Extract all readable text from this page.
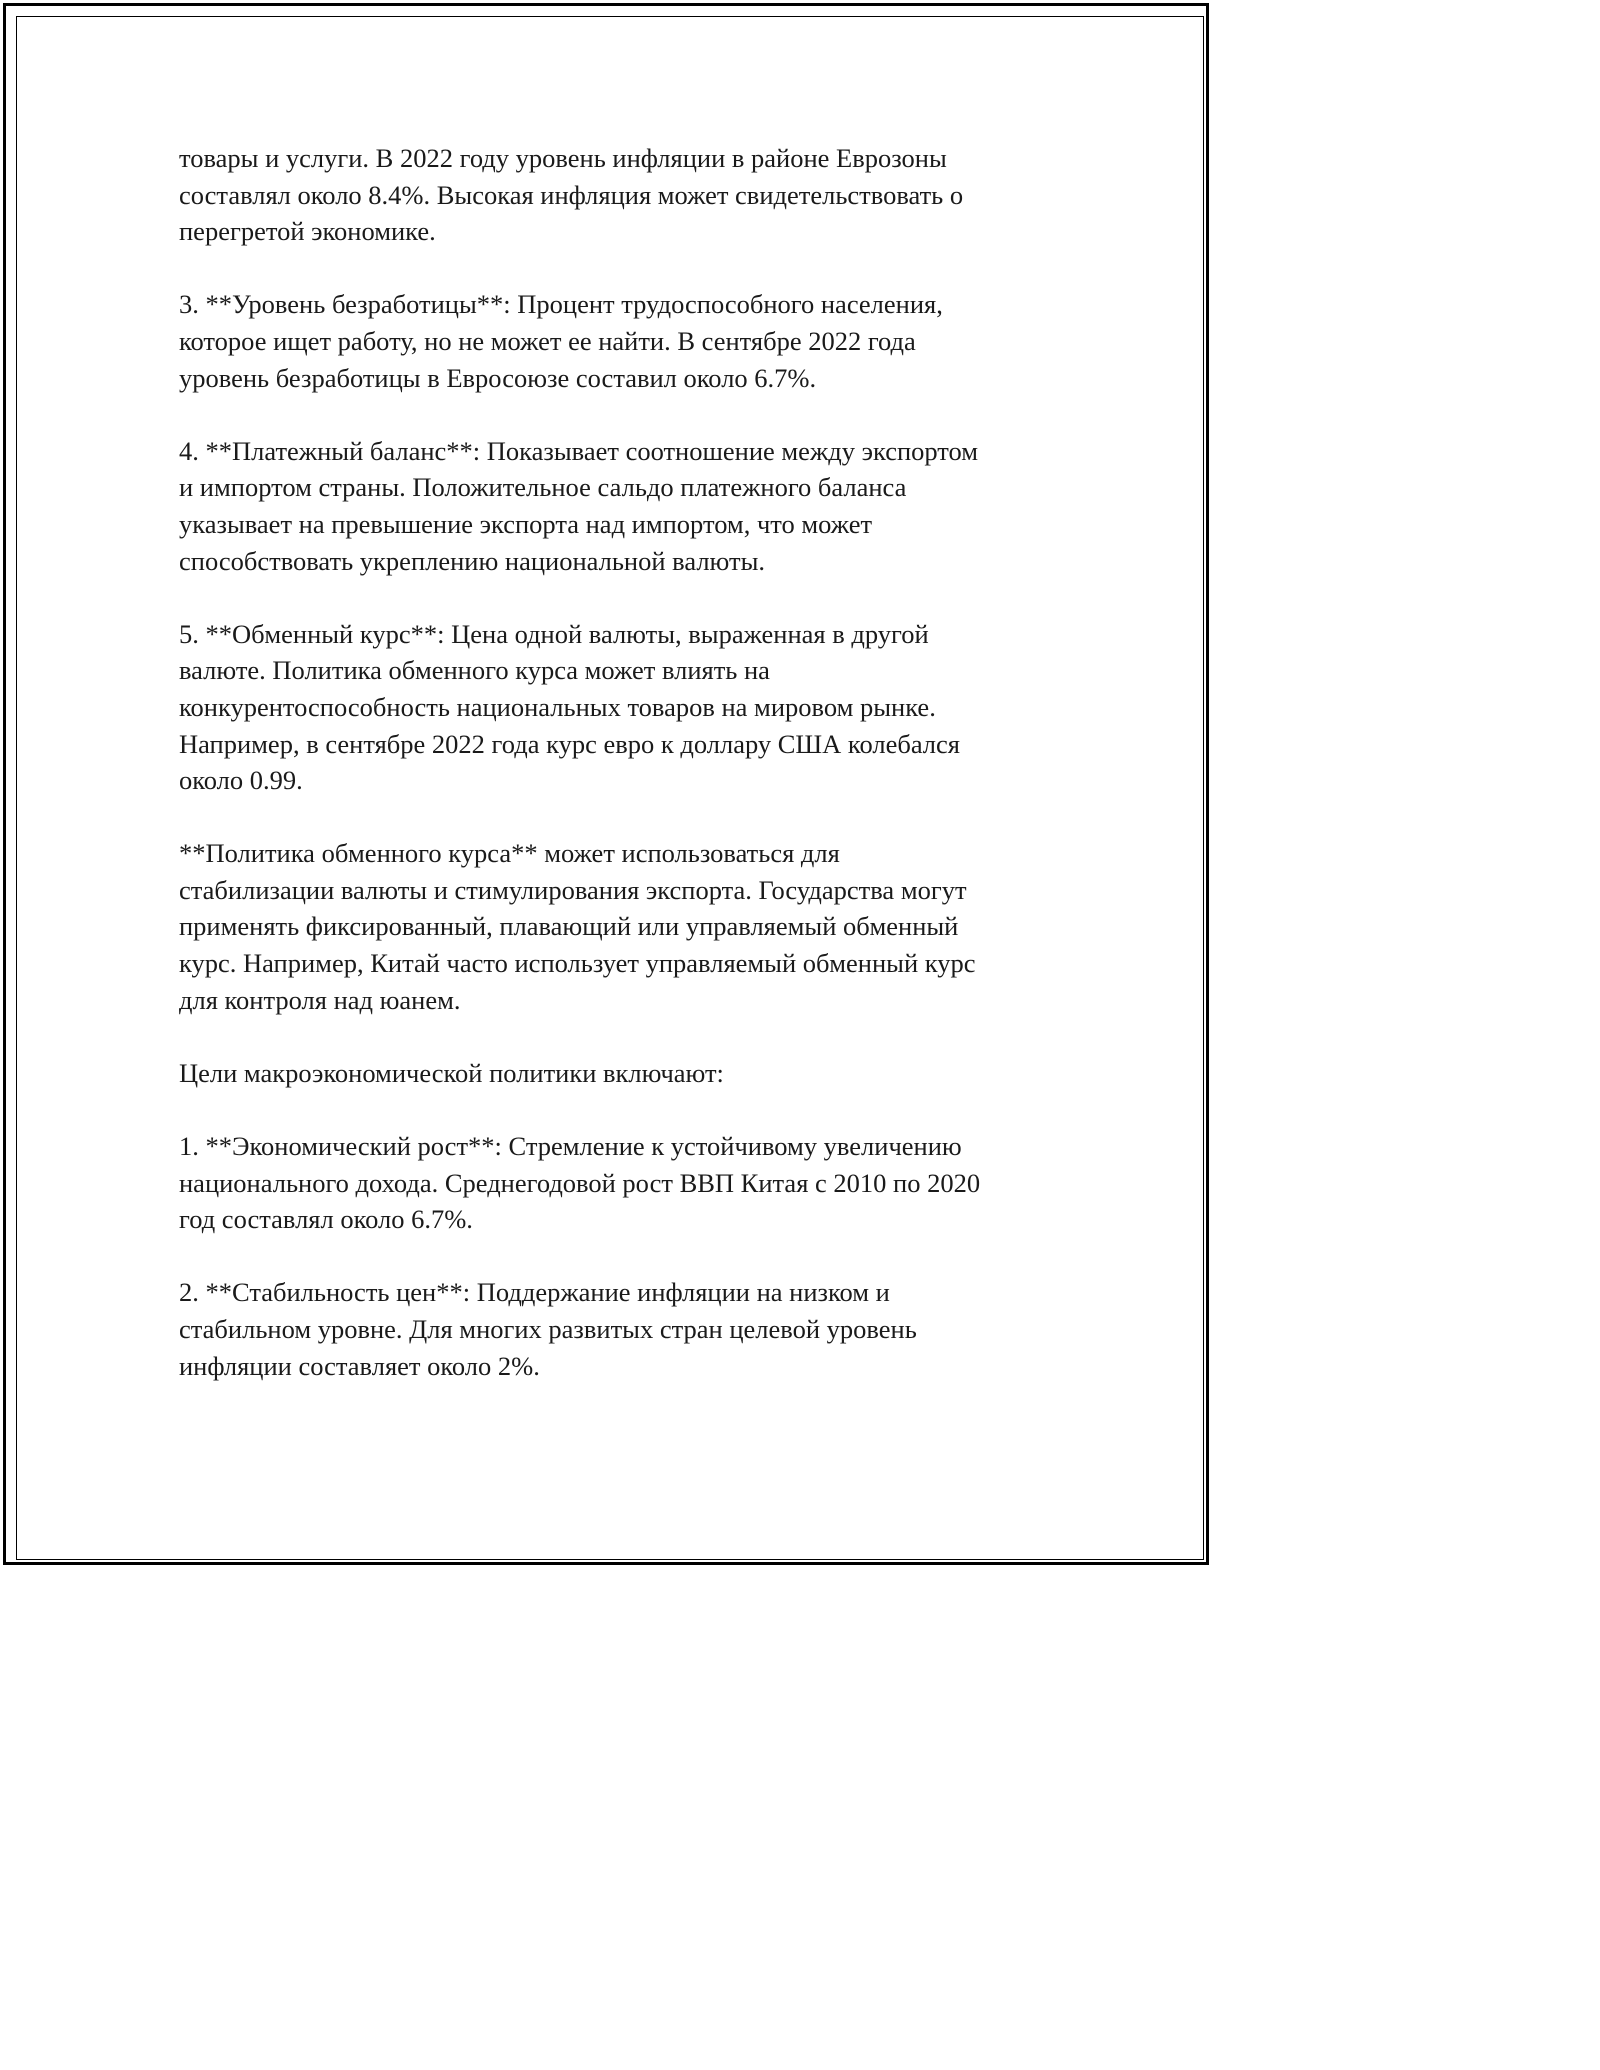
товары и услуги. В 2022 году уровень инфляции в районе Еврозоны
составлял около 8.4%. Высокая инфляция может свидетельствовать о
перегретой экономике.

3. **Уровень безработицы**: Процент трудоспособного населения,
которое ищет работу, но не может ее найти. В сентябре 2022 года
уровень безработицы в Евросоюзе составил около 6.7%.

4. **Платежный баланс**: Показывает соотношение между экспортом
и импортом страны. Положительное сальдо платежного баланса
указывает на превышение экспорта над импортом, что может
способствовать укреплению национальной валюты.

5. **Обменный курс**: Цена одной валюты, выраженная в другой
валюте. Политика обменного курса может влиять на
конкурентоспособность национальных товаров на мировом рынке.
Например, в сентябре 2022 года курс евро к доллару США колебался
около 0.99.

**Политика обменного курса** может использоваться для
стабилизации валюты и стимулирования экспорта. Государства могут
применять фиксированный, плавающий или управляемый обменный
курс. Например, Китай часто использует управляемый обменный курс
для контроля над юанем.

Цели макроэкономической политики включают:

1. **Экономический рост**: Стремление к устойчивому увеличению
национального дохода. Среднегодовой рост ВВП Китая с 2010 по 2020
год составлял около 6.7%.

2. **Стабильность цен**: Поддержание инфляции на низком и
стабильном уровне. Для многих развитых стран целевой уровень
инфляции составляет около 2%.
